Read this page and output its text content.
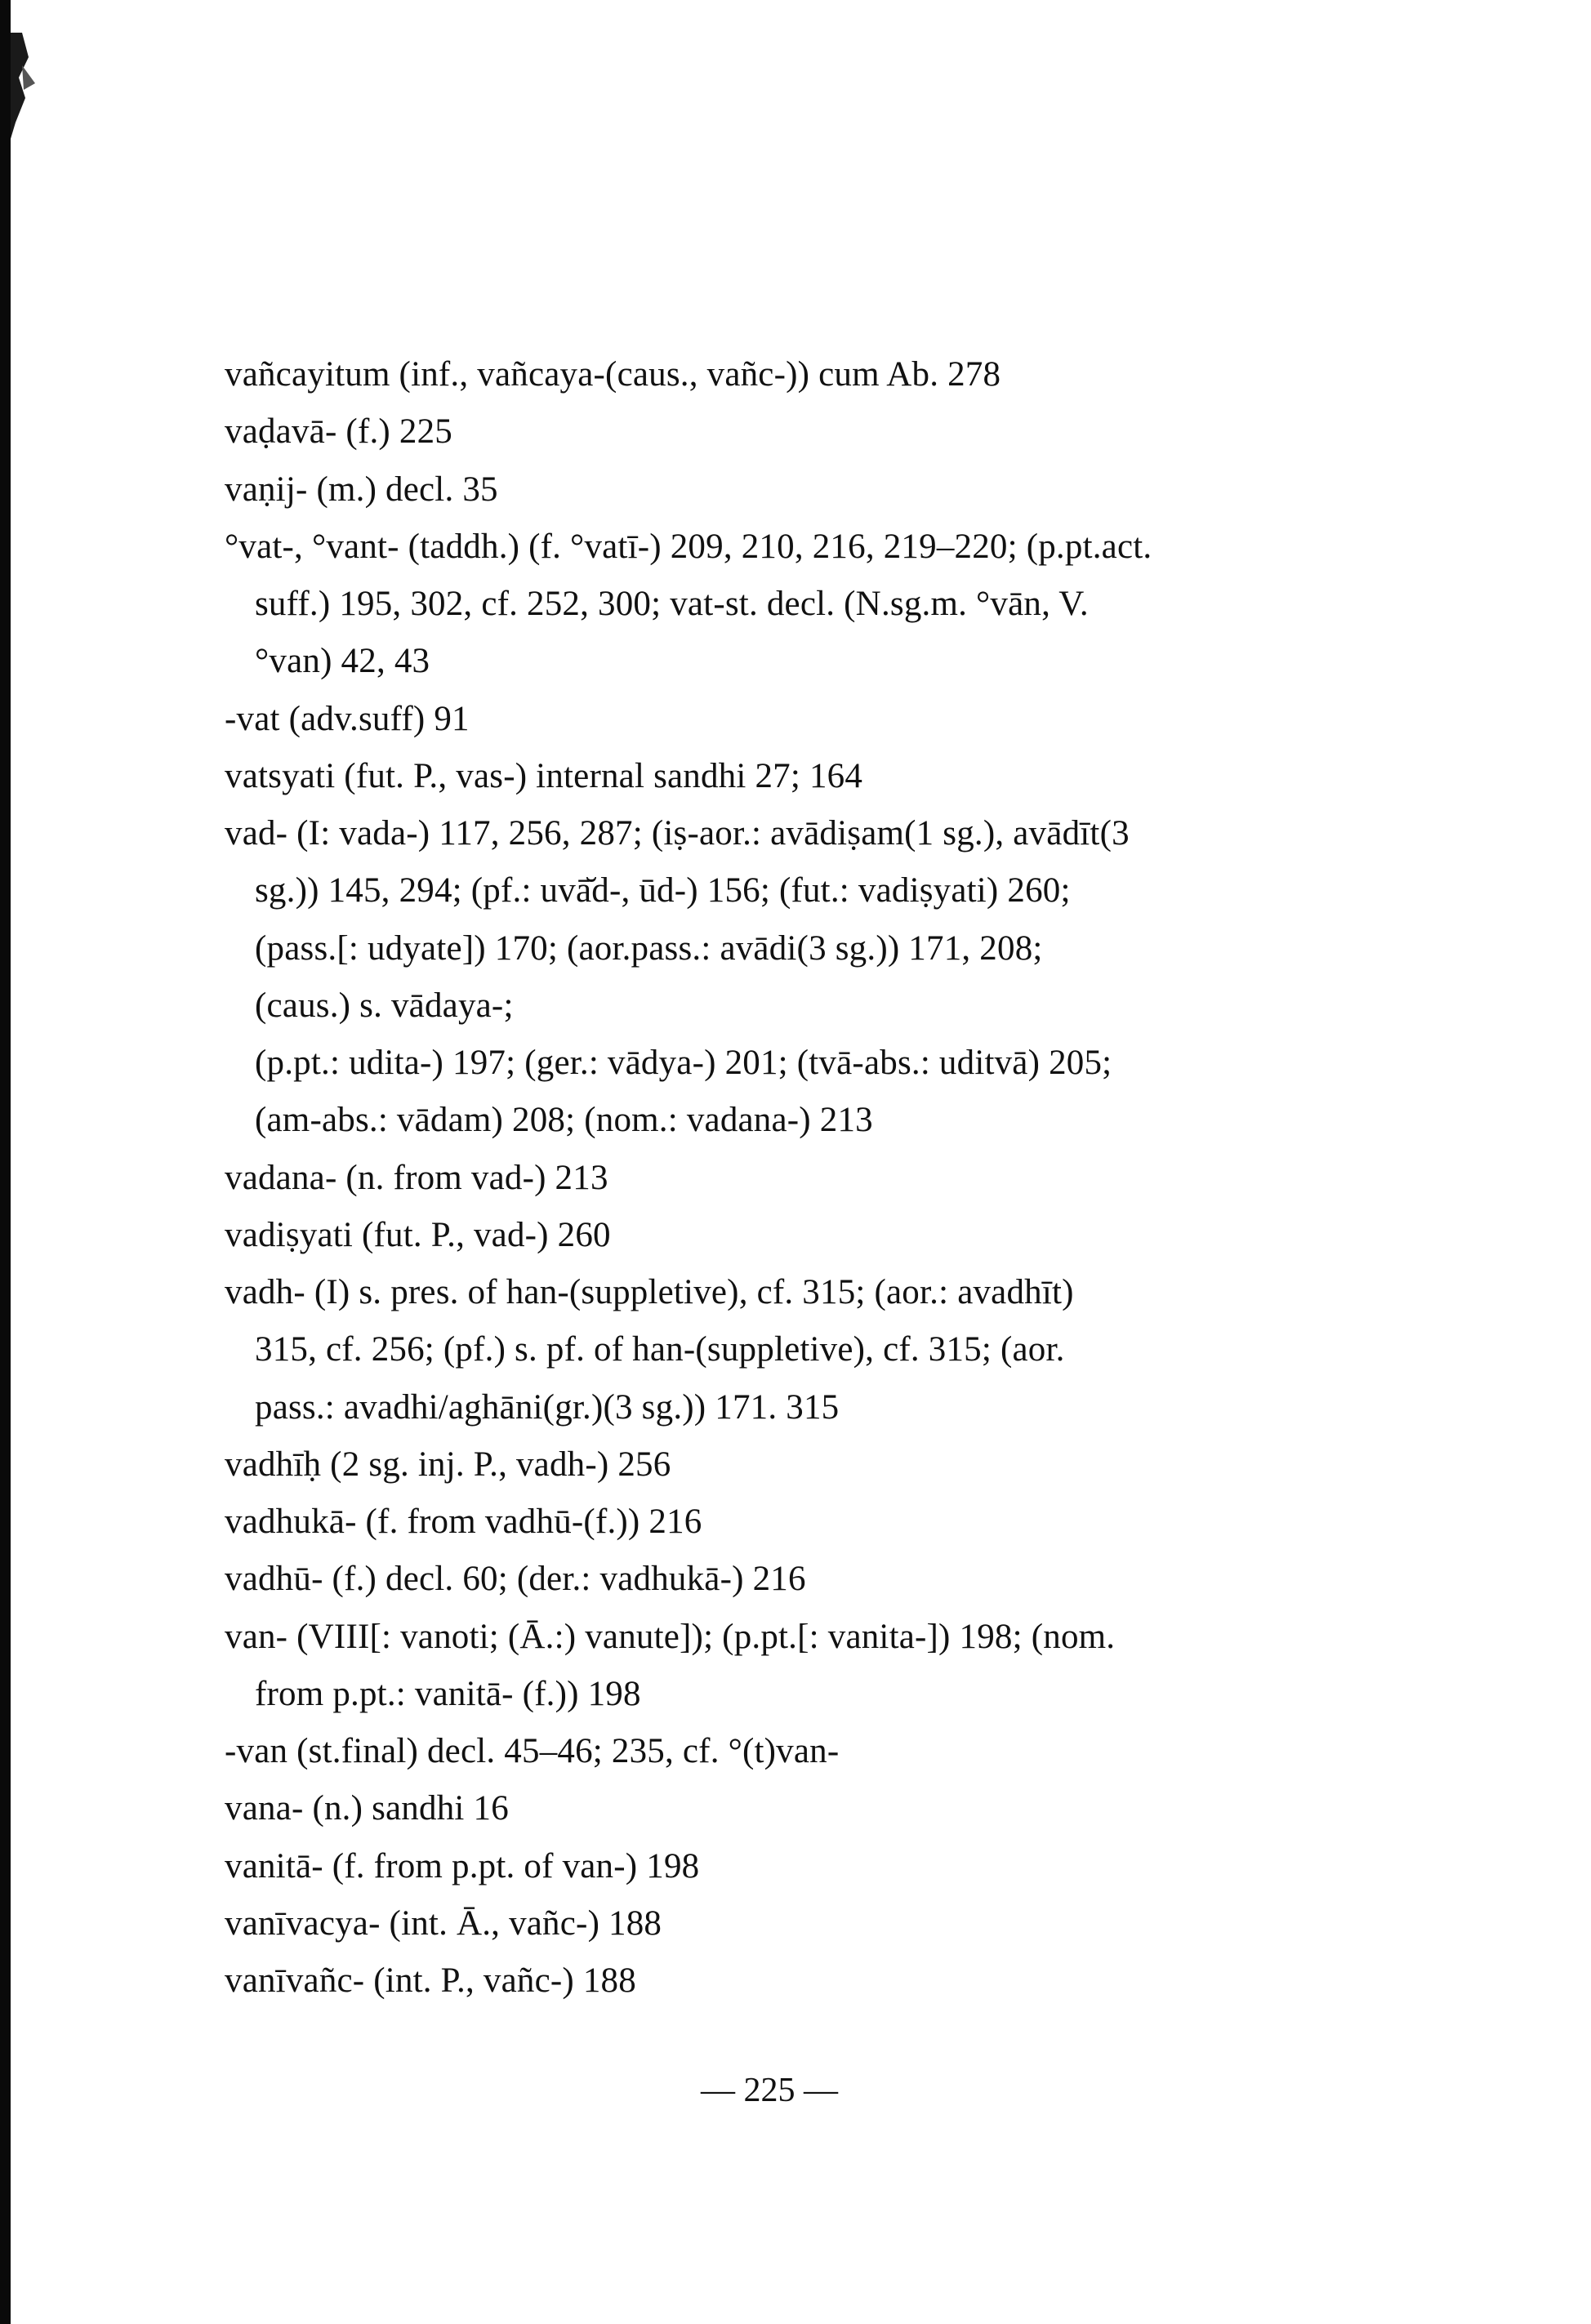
vañcayitum (inf., vañcaya-(caus., vañc-)) cum Ab. 278
vaḍavā- (f.) 225
vaṇij- (m.) decl. 35
°vat-, °vant- (taddh.) (f. °vatī-) 209, 210, 216, 219–220; (p.pt.act.
suff.) 195, 302, cf. 252, 300; vat-st. decl. (N.sg.m. °vān, V.
°van) 42, 43
-vat (adv.suff) 91
vatsyati (fut. P., vas-) internal sandhi 27; 164
vad- (I: vada-) 117, 256, 287; (iṣ-aor.: avādiṣam(1 sg.), avādīt(3
sg.)) 145, 294; (pf.: uvā̆d-, ūd-) 156; (fut.: vadiṣyati) 260;
(pass.[: udyate]) 170; (aor.pass.: avādi(3 sg.)) 171, 208;
(caus.) s. vādaya-;
(p.pt.: udita-) 197; (ger.: vādya-) 201; (tvā-abs.: uditvā) 205;
(am-abs.: vādam) 208; (nom.: vadana-) 213
vadana- (n. from vad-) 213
vadiṣyati (fut. P., vad-) 260
vadh- (I) s. pres. of han-(suppletive), cf. 315; (aor.: avadhīt)
315, cf. 256; (pf.) s. pf. of han-(suppletive), cf. 315; (aor.
pass.: avadhi/aghāni(gr.)(3 sg.)) 171. 315
vadhīḥ (2 sg. inj. P., vadh-) 256
vadhukā- (f. from vadhū-(f.)) 216
vadhū- (f.) decl. 60; (der.: vadhukā-) 216
van- (VIII[: vanoti; (Ā.:) vanute]); (p.pt.[: vanita-]) 198; (nom.
from p.pt.: vanitā- (f.)) 198
-van (st.final) decl. 45–46; 235, cf. °(t)van-
vana- (n.) sandhi 16
vanitā- (f. from p.pt. of van-) 198
vanīvacya- (int. Ā., vañc-) 188
vanīvañc- (int. P., vañc-) 188
— 225 —
